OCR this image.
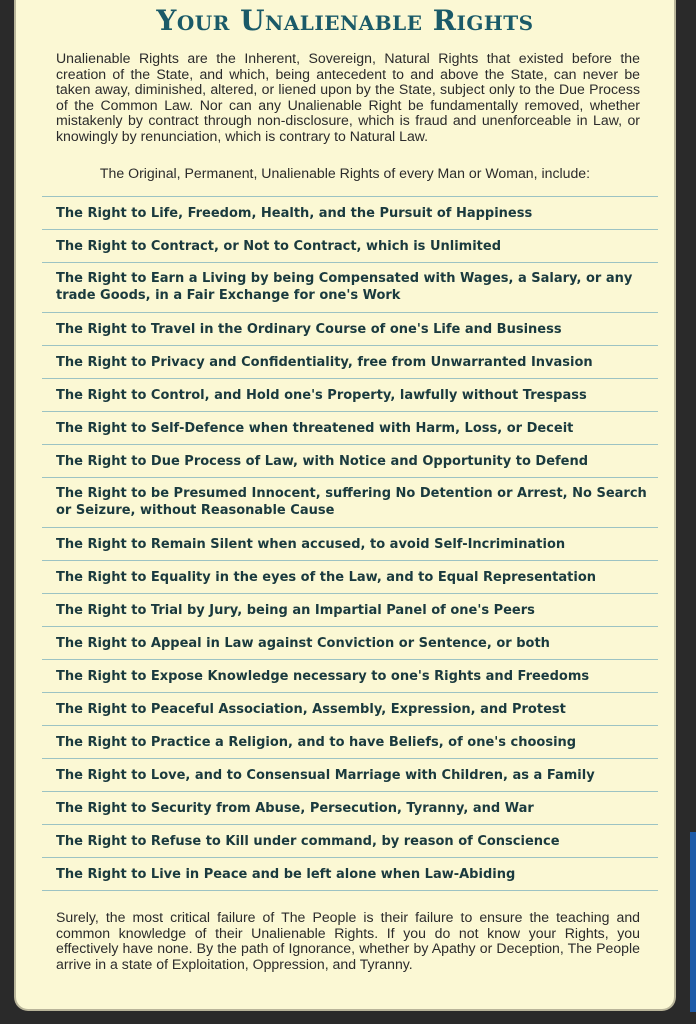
Your Unalienable Rights

Unalienable Rights are the Inherent, Sovereign, Natural Rights that existed before the creation of the State, and which, being antecedent to and above the State, can never be taken away, diminished, altered, or liened upon by the State, subject only to the Due Process of the Common Law. Nor can any Unalienable Right be fundamentally removed, whether mistakenly by contract through non-disclosure, which is fraud and unenforceable in Law, or knowingly by renunciation, which is contrary to Natural Law.

The Original, Permanent, Unalienable Rights of every Man or Woman, include:

The Right to Life, Freedom, Health, and the Pursuit of Happiness
The Right to Contract, or Not to Contract, which is Unlimited
The Right to Earn a Living by being Compensated with Wages, a Salary, or any trade Goods, in a Fair Exchange for one's Work
The Right to Travel in the Ordinary Course of one's Life and Business
The Right to Privacy and Confidentiality, free from Unwarranted Invasion
The Right to Control, and Hold one's Property, lawfully without Trespass
The Right to Self-Defence when threatened with Harm, Loss, or Deceit
The Right to Due Process of Law, with Notice and Opportunity to Defend
The Right to be Presumed Innocent, suffering No Detention or Arrest, No Search or Seizure, without Reasonable Cause
The Right to Remain Silent when accused, to avoid Self-Incrimination
The Right to Equality in the eyes of the Law, and to Equal Representation
The Right to Trial by Jury, being an Impartial Panel of one's Peers
The Right to Appeal in Law against Conviction or Sentence, or both
The Right to Expose Knowledge necessary to one's Rights and Freedoms
The Right to Peaceful Association, Assembly, Expression, and Protest
The Right to Practice a Religion, and to have Beliefs, of one's choosing
The Right to Love, and to Consensual Marriage with Children, as a Family
The Right to Security from Abuse, Persecution, Tyranny, and War
The Right to Refuse to Kill under command, by reason of Conscience
The Right to Live in Peace and be left alone when Law-Abiding

Surely, the most critical failure of The People is their failure to ensure the teaching and common knowledge of their Unalienable Rights. If you do not know your Rights, you effectively have none. By the path of Ignorance, whether by Apathy or Deception, The People arrive in a state of Exploitation, Oppression, and Tyranny.
